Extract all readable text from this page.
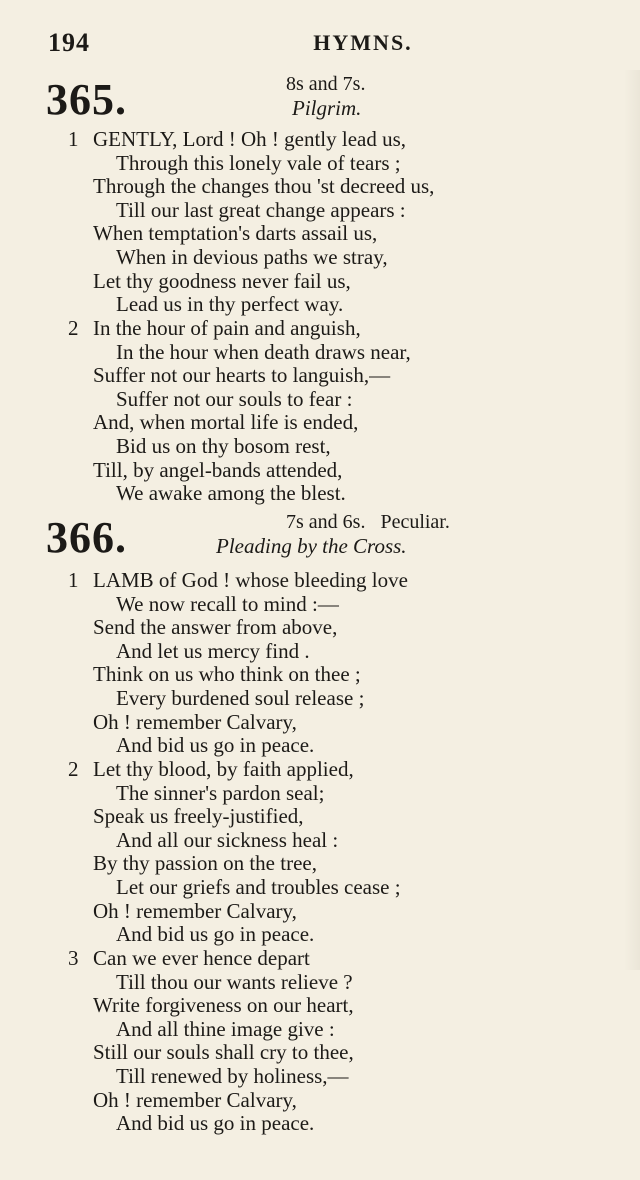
194	HYMNS.
365.	8s and 7s.
Pilgrim.
1 GENTLY, Lord ! Oh ! gently lead us,
Through this lonely vale of tears ;
Through the changes thou 'st decreed us,
Till our last great change appears :
When temptation's darts assail us,
When in devious paths we stray,
Let thy goodness never fail us,
Lead us in thy perfect way.
2 In the hour of pain and anguish,
In the hour when death draws near,
Suffer not our hearts to languish,—
Suffer not our souls to fear :
And, when mortal life is ended,
Bid us on thy bosom rest,
Till, by angel-bands attended,
We awake among the blest.
366.	7s and 6s.   Peculiar.
Pleading by the Cross.
1 LAMB of God ! whose bleeding love
We now recall to mind :—
Send the answer from above,
And let us mercy find .
Think on us who think on thee ;
Every burdened soul release ;
Oh ! remember Calvary,
And bid us go in peace.
2 Let thy blood, by faith applied,
The sinner's pardon seal;
Speak us freely-justified,
And all our sickness heal :
By thy passion on the tree,
Let our griefs and troubles cease ;
Oh ! remember Calvary,
And bid us go in peace.
3 Can we ever hence depart
Till thou our wants relieve ?
Write forgiveness on our heart,
And all thine image give :
Still our souls shall cry to thee,
Till renewed by holiness,—
Oh ! remember Calvary,
And bid us go in peace.
